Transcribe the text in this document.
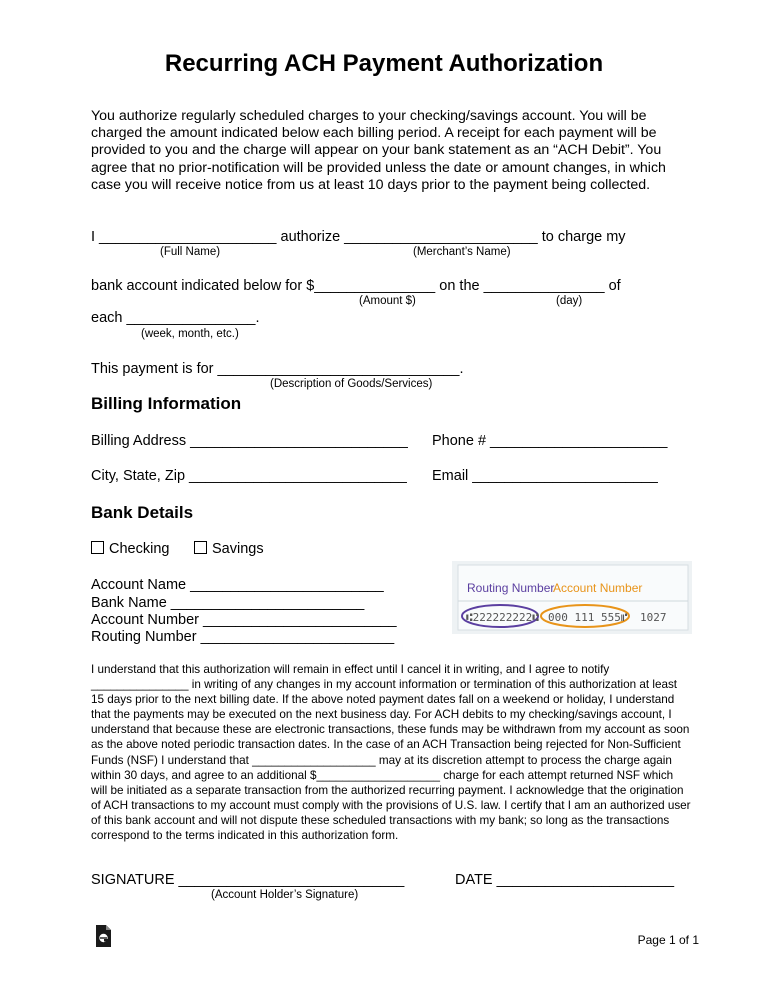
Recurring ACH Payment Authorization
You authorize regularly scheduled charges to your checking/savings account. You will be charged the amount indicated below each billing period. A receipt for each payment will be provided to you and the charge will appear on your bank statement as an “ACH Debit”. You agree that no prior-notification will be provided unless the date or amount changes, in which case you will receive notice from us at least 10 days prior to the payment being collected.
I ______________________ authorize ________________________ to charge my
(Full Name)	(Merchant’s Name)
bank account indicated below for $_______________ on the _______________ of
(Amount $)	(day)
each ________________.
(week, month, etc.)
This payment is for ______________________________.
(Description of Goods/Services)
Billing Information
Billing Address ___________________________ Phone # ______________________
City, State, Zip ___________________________ Email _______________________
Bank Details
Checking	Savings
Account Name ________________________
Bank Name ________________________
Account Number ________________________
Routing Number ________________________
Routing Number
Account Number
⑆222222222⑆ 000 111 555⑈ 1027
I understand that this authorization will remain in effect until I cancel it in writing, and I agree to notify _______________ in writing of any changes in my account information or termination of this authorization at least 15 days prior to the next billing date. If the above noted payment dates fall on a weekend or holiday, I understand that the payments may be executed on the next business day. For ACH debits to my checking/savings account, I understand that because these are electronic transactions, these funds may be withdrawn from my account as soon as the above noted periodic transaction dates. In the case of an ACH Transaction being rejected for Non-Sufficient Funds (NSF) I understand that ___________________ may at its discretion attempt to process the charge again within 30 days, and agree to an additional $___________________ charge for each attempt returned NSF which will be initiated as a separate transaction from the authorized recurring payment. I acknowledge that the origination of ACH transactions to my account must comply with the provisions of U.S. law. I certify that I am an authorized user of this bank account and will not dispute these scheduled transactions with my bank; so long as the transactions correspond to the terms indicated in this authorization form.
SIGNATURE ____________________________
(Account Holder’s Signature)
DATE ______________________
Page 1 of 1
